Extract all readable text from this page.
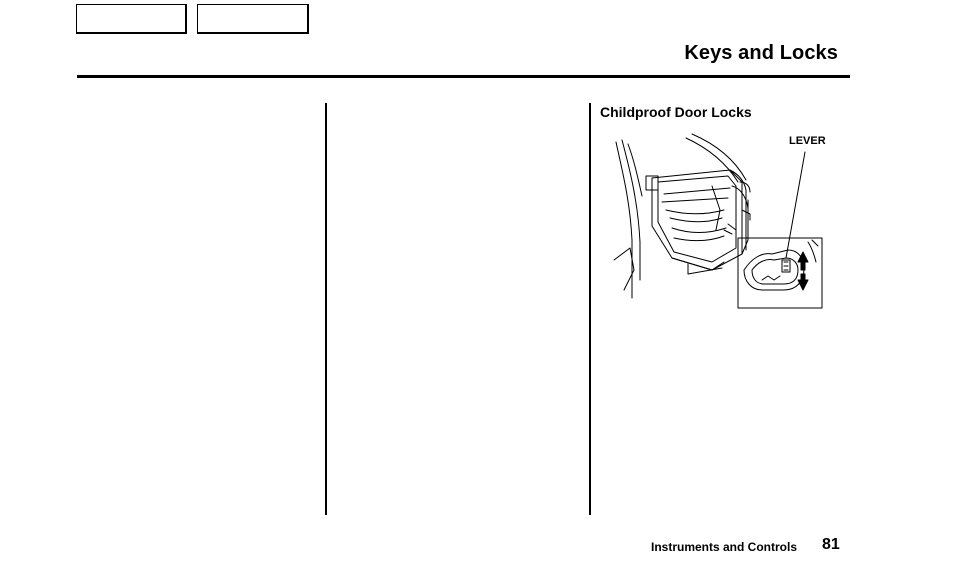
Keys and Locks
Childproof Door Locks
LEVER
Instruments and Controls 81
